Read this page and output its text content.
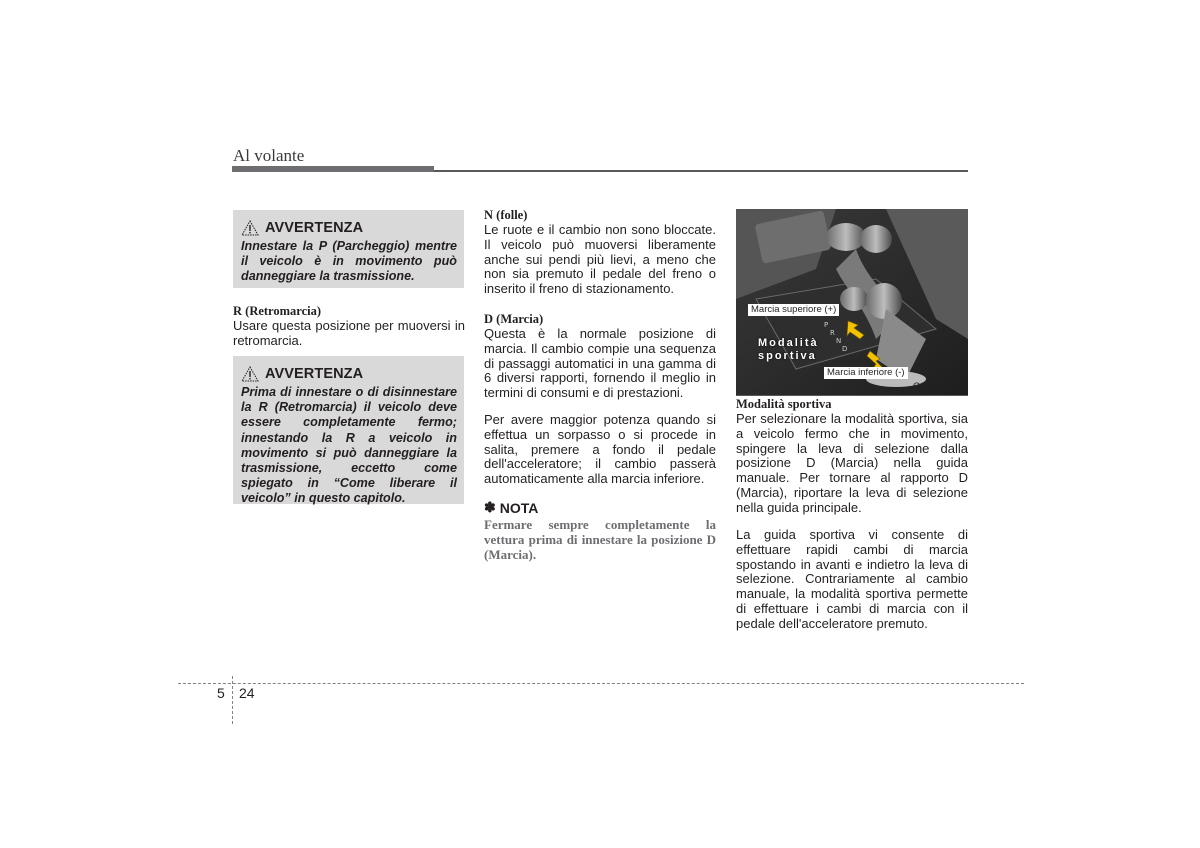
Al volante
AVVERTENZA
Innestare la P (Parcheggio) mentre il veicolo è in movimento può danneggiare la trasmissione.
R (Retromarcia)
Usare questa posizione per muoversi in retromarcia.
AVVERTENZA
Prima di innestare o di disinnestare la R (Retromarcia) il veicolo deve essere completamente fermo; innestando la R a veicolo in movimento si può danneggiare la trasmissione, eccetto come spiegato in “Come liberare il veicolo” in questo capitolo.
N (folle)
Le ruote e il cambio non sono bloccate. Il veicolo può muoversi liberamente anche sui pendi più lievi, a meno che non sia premuto il pedale del freno o inserito il freno di stazionamento.
D (Marcia)
Questa è la normale posizione di marcia. Il cambio compie una sequenza di passaggi automatici in una gamma di 6 diversi rapporti, fornendo il meglio in termini di consumi e di prestazioni.
Per avere maggior potenza quando si effettua un sorpasso o si procede in salita, premere a fondo il pedale dell'acceleratore; il cambio passerà automaticamente alla marcia inferiore.
✽ NOTA
Fermare sempre completamente la vettura prima di innestare la posizione D (Marcia).
P
R
N
D
Marcia superiore (+)
Modalità
sportiva
Marcia inferiore (-)
OSL050011
Modalità sportiva
Per selezionare la modalità sportiva, sia a veicolo fermo che in movimento, spingere la leva di selezione dalla posizione D (Marcia) nella guida manuale. Per tornare al rapporto D (Marcia), riportare la leva di selezione nella guida principale.
La guida sportiva vi consente di effettuare rapidi cambi di marcia spostando in avanti e indietro la leva di selezione. Contrariamente al cambio manuale, la modalità sportiva permette di effettuare i cambi di marcia con il pedale dell'acceleratore premuto.
5 24
